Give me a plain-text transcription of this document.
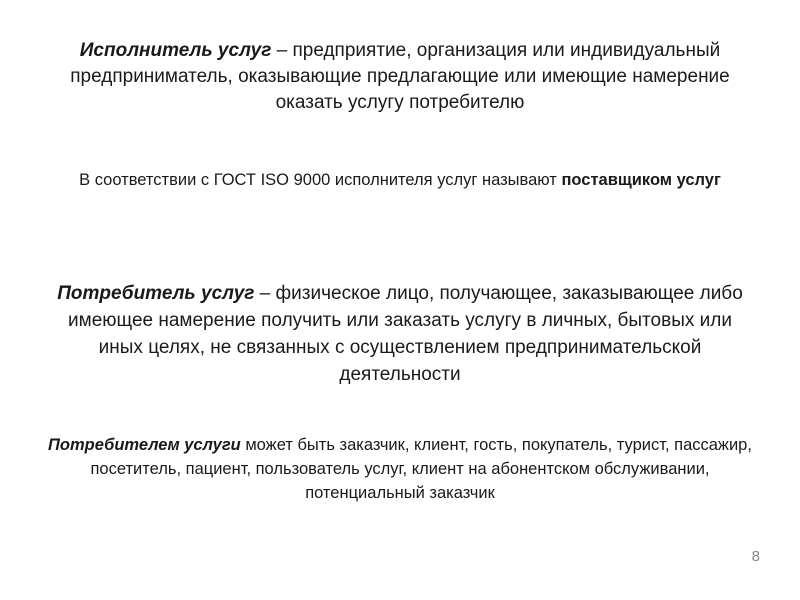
Исполнитель услуг – предприятие, организация или индивидуальный предприниматель, оказывающие предлагающие или имеющие намерение оказать услугу потребителю

В соответствии с ГОСТ ISO 9000 исполнителя услуг называют поставщиком услуг

Потребитель услуг – физическое лицо, получающее, заказывающее либо имеющее намерение получить или заказать услугу в личных, бытовых или иных целях, не связанных с осуществлением предпринимательской деятельности

Потребителем услуги может быть заказчик, клиент, гость, покупатель, турист, пассажир, посетитель, пациент, пользователь услуг, клиент на абонентском обслуживании, потенциальный заказчик

8
